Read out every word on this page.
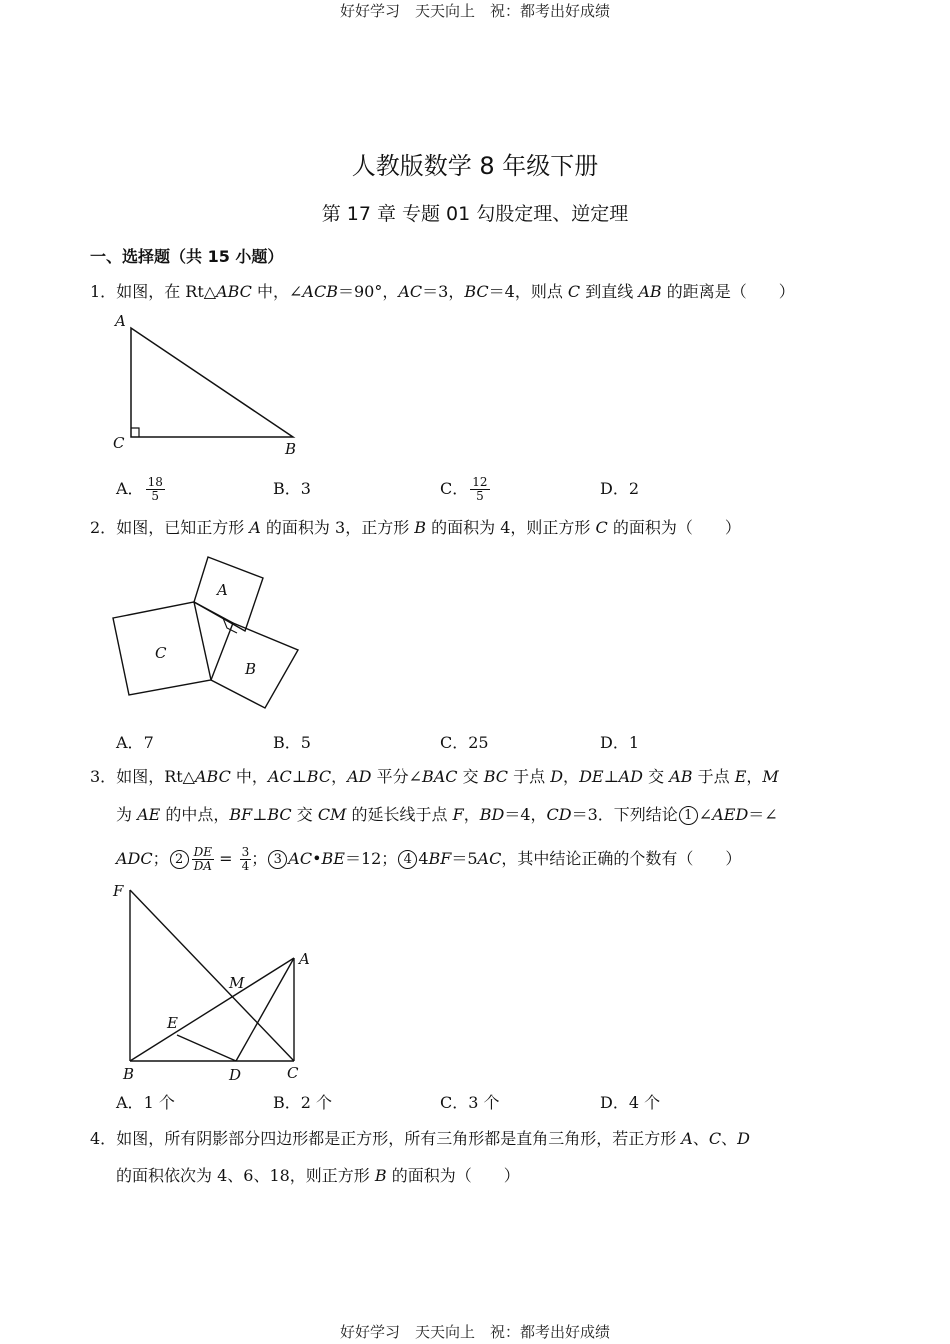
好好学习　天天向上　祝：都考出好成绩
好好学习　天天向上　祝：都考出好成绩
人教版数学 8 年级下册
第 17 章 专题 01 勾股定理、逆定理
一、选择题（共 15 小题）
1．如图，在 Rt△ABC 中，∠ACB＝90°，AC＝3，BC＝4，则点 C 到直线 AB 的距离是（　　）
A
C	B
A． $\frac{18}{5}$	B．3	C． $\frac{12}{5}$	D．2
2．如图，已知正方形 A 的面积为 3，正方形 B 的面积为 4，则正方形 C 的面积为（　　）
A
B
C
A．7	B．5	C．25	D．1
3．如图，Rt△ABC 中，AC⊥BC，AD 平分∠BAC 交 BC 于点 D，DE⊥AD 交 AB 于点 E，M
为 AE 的中点，BF⊥BC 交 CM 的延长线于点 F，BD＝4，CD＝3．下列结论 1 ∠AED＝∠
ADC； $2 \frac{DE}{DA} = \frac{3}{4}$ ； 3 AC•BE＝12； 4 4BF＝5AC，其中结论正确的个数有（　　）
F
A
M
E
B	D	C
A．1 个	B．2 个	C．3 个	D．4 个
4．如图，所有阴影部分四边形都是正方形，所有三角形都是直角三角形，若正方形 A、C、D
的面积依次为 4、6、18，则正方形 B 的面积为（　　）
